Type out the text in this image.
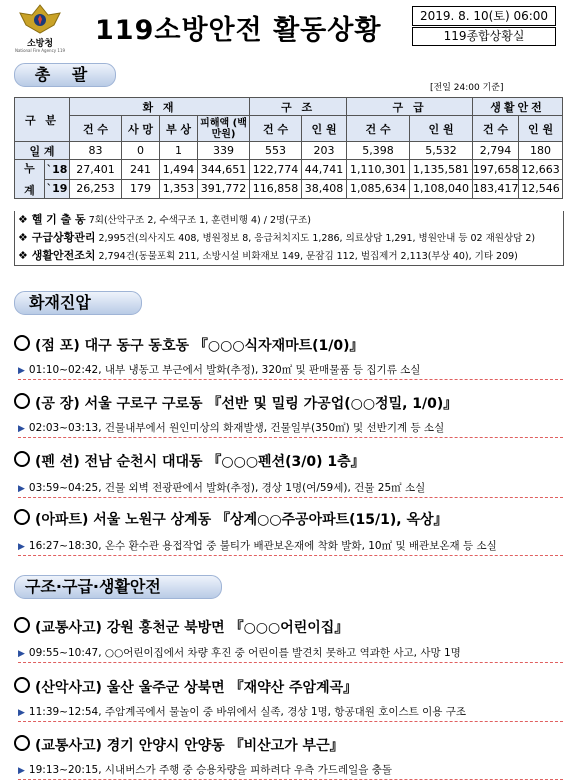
소방청
National Fire Agency 119
119소방안전 활동상황	2019. 8. 10(토) 06:00
119종합상황실
총 괄
[전일 24:00 기준]
구 분		화 재				구 조		구 급		생활안전	
		건 수	사 망	부 상	피해액 (백만원)	건 수	인 원	건 수	인 원	건 수	인 원
일 계		83	0	1	339	553	203	5,398	5,532	2,794	180

누
계	`18	27,401	241	1,494	344,651	122,774	44,741	1,110,301	1,135,581	197,658	12,663
	`19	26,253	179	1,353	391,772	116,858	38,408	1,085,634	1,108,040	183,417	12,546
❖ 헬 기 출 동 7회(산악구조 2, 수색구조 1, 훈련비행 4) / 2명(구조)
❖ 구급상황관리 2,995건(의사지도 408, 병원정보 8, 응급처치지도 1,286, 의료상담 1,291, 병원안내 등 02 재원상담 2)
❖ 생활안전조치 2,794건(동물포획 211, 소방시설 비화재보 149, 문잠김 112, 벌집제거 2,113(부상 40), 기타 209)
화재진압
(점 포) 대구 동구 동호동 『○○○식자재마트(1/0)』
▶ 01:10~02:42, 내부 냉동고 부근에서 발화(추정), 320㎡ 및 판매물품 등 집기류 소실
(공 장) 서울 구로구 구로동 『선반 및 밀링 가공업(○○정밀, 1/0)』
▶ 02:03~03:13, 건물내부에서 원인미상의 화재발생, 건물일부(350㎡) 및 선반기계 등 소실
(펜 션) 전남 순천시 대대동 『○○○펜션(3/0) 1층』
▶ 03:59~04:25, 건물 외벽 전광판에서 발화(추정), 경상 1명(여/59세), 건물 25㎡ 소실
(아파트) 서울 노원구 상계동 『상계○○주공아파트(15/1), 옥상』
▶ 16:27~18:30, 온수 환수관 용접작업 중 불티가 배관보온재에 착화 발화, 10㎡ 및 배관보온재 등 소실
구조·구급·생활안전
(교통사고) 강원 홍천군 북방면 『○○○어린이집』
▶ 09:55~10:47, ○○어린이집에서 차량 후진 중 어린이를 발견치 못하고 역과한 사고, 사망 1명
(산악사고) 울산 울주군 상북면 『재약산 주암계곡』
▶ 11:39~12:54, 주암계곡에서 물놀이 중 바위에서 실족, 경상 1명, 항공대원 호이스트 이용 구조
(교통사고) 경기 안양시 안양동 『비산고가 부근』
▶ 19:13~20:15, 시내버스가 주행 중 승용차량을 피하려다 우측 가드레일을 충돌
